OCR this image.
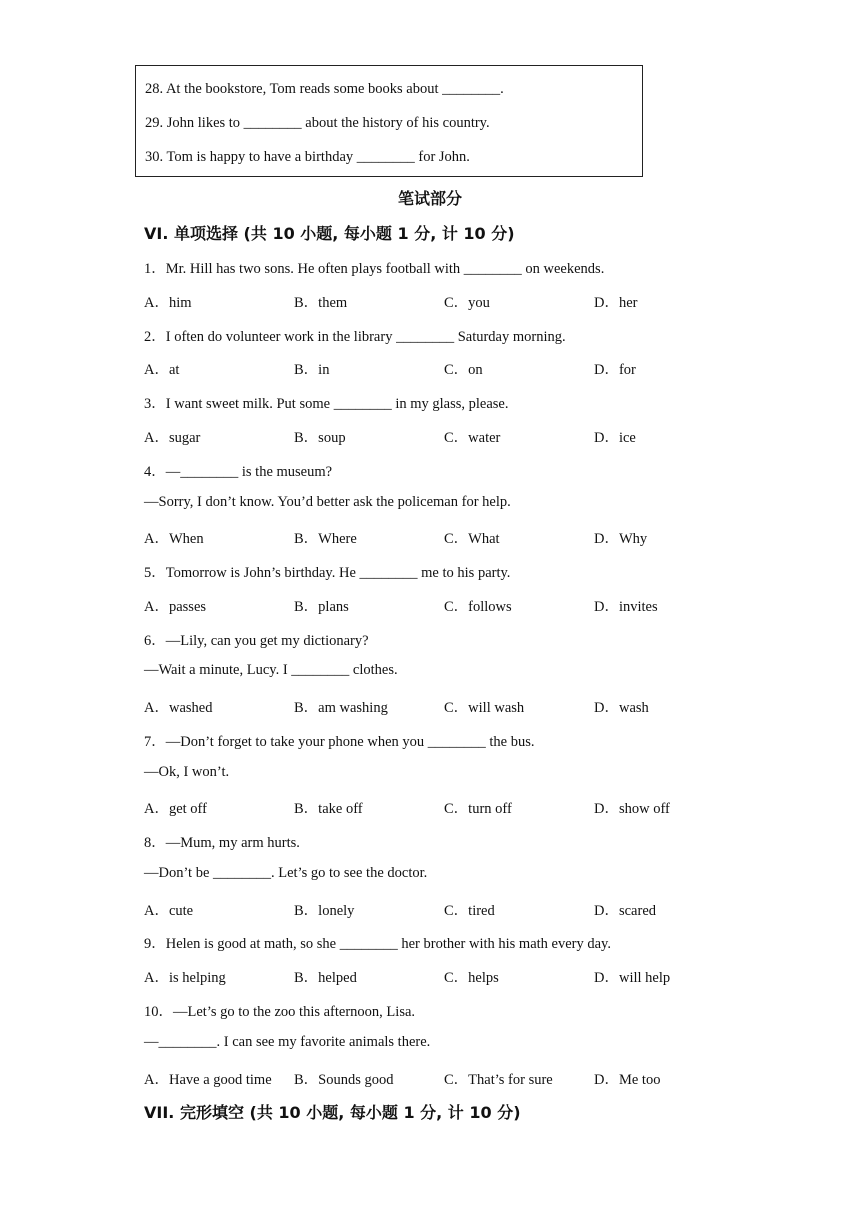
28. At the bookstore, Tom reads some books about ________.
29. John likes to ________ about the history of his country.
30. Tom is happy to have a birthday ________ for John.
笔试部分
VI. 单项选择 (共 10 小题, 每小题 1 分, 计 10 分)
1．Mr. Hill has two sons. He often plays football with ________ on weekends.
A．him	B．them	C．you	D．her
2．I often do volunteer work in the library ________ Saturday morning.
A．at	B．in	C．on	D．for
3．I want sweet milk. Put some ________ in my glass, please.
A．sugar	B．soup	C．water	D．ice
4．—________ is the museum?
—Sorry, I don’t know. You’d better ask the policeman for help.
A．When	B．Where	C．What	D．Why
5．Tomorrow is John’s birthday. He ________ me to his party.
A．passes	B．plans	C．follows	D．invites
6．—Lily, can you get my dictionary?
—Wait a minute, Lucy. I ________ clothes.
A．washed	B．am washing	C．will wash	D．wash
7．—Don’t forget to take your phone when you ________ the bus.
—Ok, I won’t.
A．get off	B．take off	C．turn off	D．show off
8．—Mum, my arm hurts.
—Don’t be ________. Let’s go to see the doctor.
A．cute	B．lonely	C．tired	D．scared
9．Helen is good at math, so she ________ her brother with his math every day.
A．is helping	B．helped	C．helps	D．will help
10．—Let’s go to the zoo this afternoon, Lisa.
—________. I can see my favorite animals there.
A．Have a good time B．Sounds good	C．That’s for sure	D．Me too
VII. 完形填空 (共 10 小题, 每小题 1 分, 计 10 分)
